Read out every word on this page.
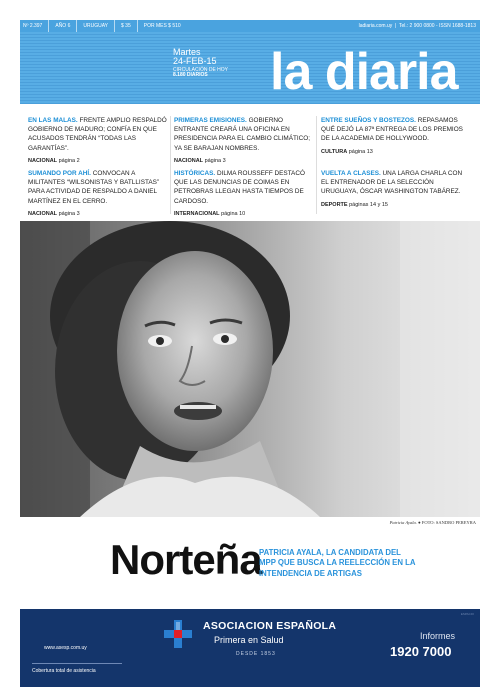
Nº 2.397	AÑO 6	URUGUAY	$ 35	POR MES $ 510	ladiaria.com.uy  |  Tel.: 2 900 0800 - ISSN 1688-1813
Martes
24-FEB-15
CIRCULACIÓN DE HOY
8.180 DIARIOS	la diaria
EN LAS MALAS. FRENTE AMPLIO RESPALDÓ GOBIERNO DE MADURO; CONFÍA EN QUE ACUSADOS TENDRÁN “TODAS LAS GARANTÍAS”.
NACIONAL página 2
PRIMERAS EMISIONES. GOBIERNO ENTRANTE CREARÁ UNA OFICINA EN PRESIDENCIA PARA EL CAMBIO CLIMÁTICO; YA SE BARAJAN NOMBRES.
NACIONAL página 3
ENTRE SUEÑOS Y BOSTEZOS. REPASAMOS QUÉ DEJÓ LA 87ª ENTREGA DE LOS PREMIOS DE LA ACADEMIA DE HOLLYWOOD.
CULTURA página 13
SUMANDO POR AHÍ. CONVOCAN A MILITANTES “WILSONISTAS Y BATLLISTAS” PARA ACTIVIDAD DE RESPALDO A DANIEL MARTÍNEZ EN EL CERRO.
NACIONAL página 3
HISTÓRICAS. DILMA ROUSSEFF DESTACÓ QUE LAS DENUNCIAS DE COIMAS EN PETROBRAS LLEGAN HASTA TIEMPOS DE CARDOSO.
INTERNACIONAL página 10
VUELTA A CLASES. UNA LARGA CHARLA CON EL ENTRENADOR DE LA SELECCIÓN URUGUAYA, ÓSCAR WASHINGTON TABÁREZ.
DEPORTE páginas 14 y 15
Patricia Ayala. ● FOTO: SANDRO PEREYRA
Norteña
PATRICIA AYALA, LA CANDIDATA DEL MPP QUE BUSCA LA REELECCIÓN EN LA INTENDENCIA DE ARTIGAS
ESPACIO
www.asesp.com.uy
Cobertura total de asistencia
ASOCIACION ESPAÑOLA
Primera en Salud
DESDE 1853
Informes
1920 7000
